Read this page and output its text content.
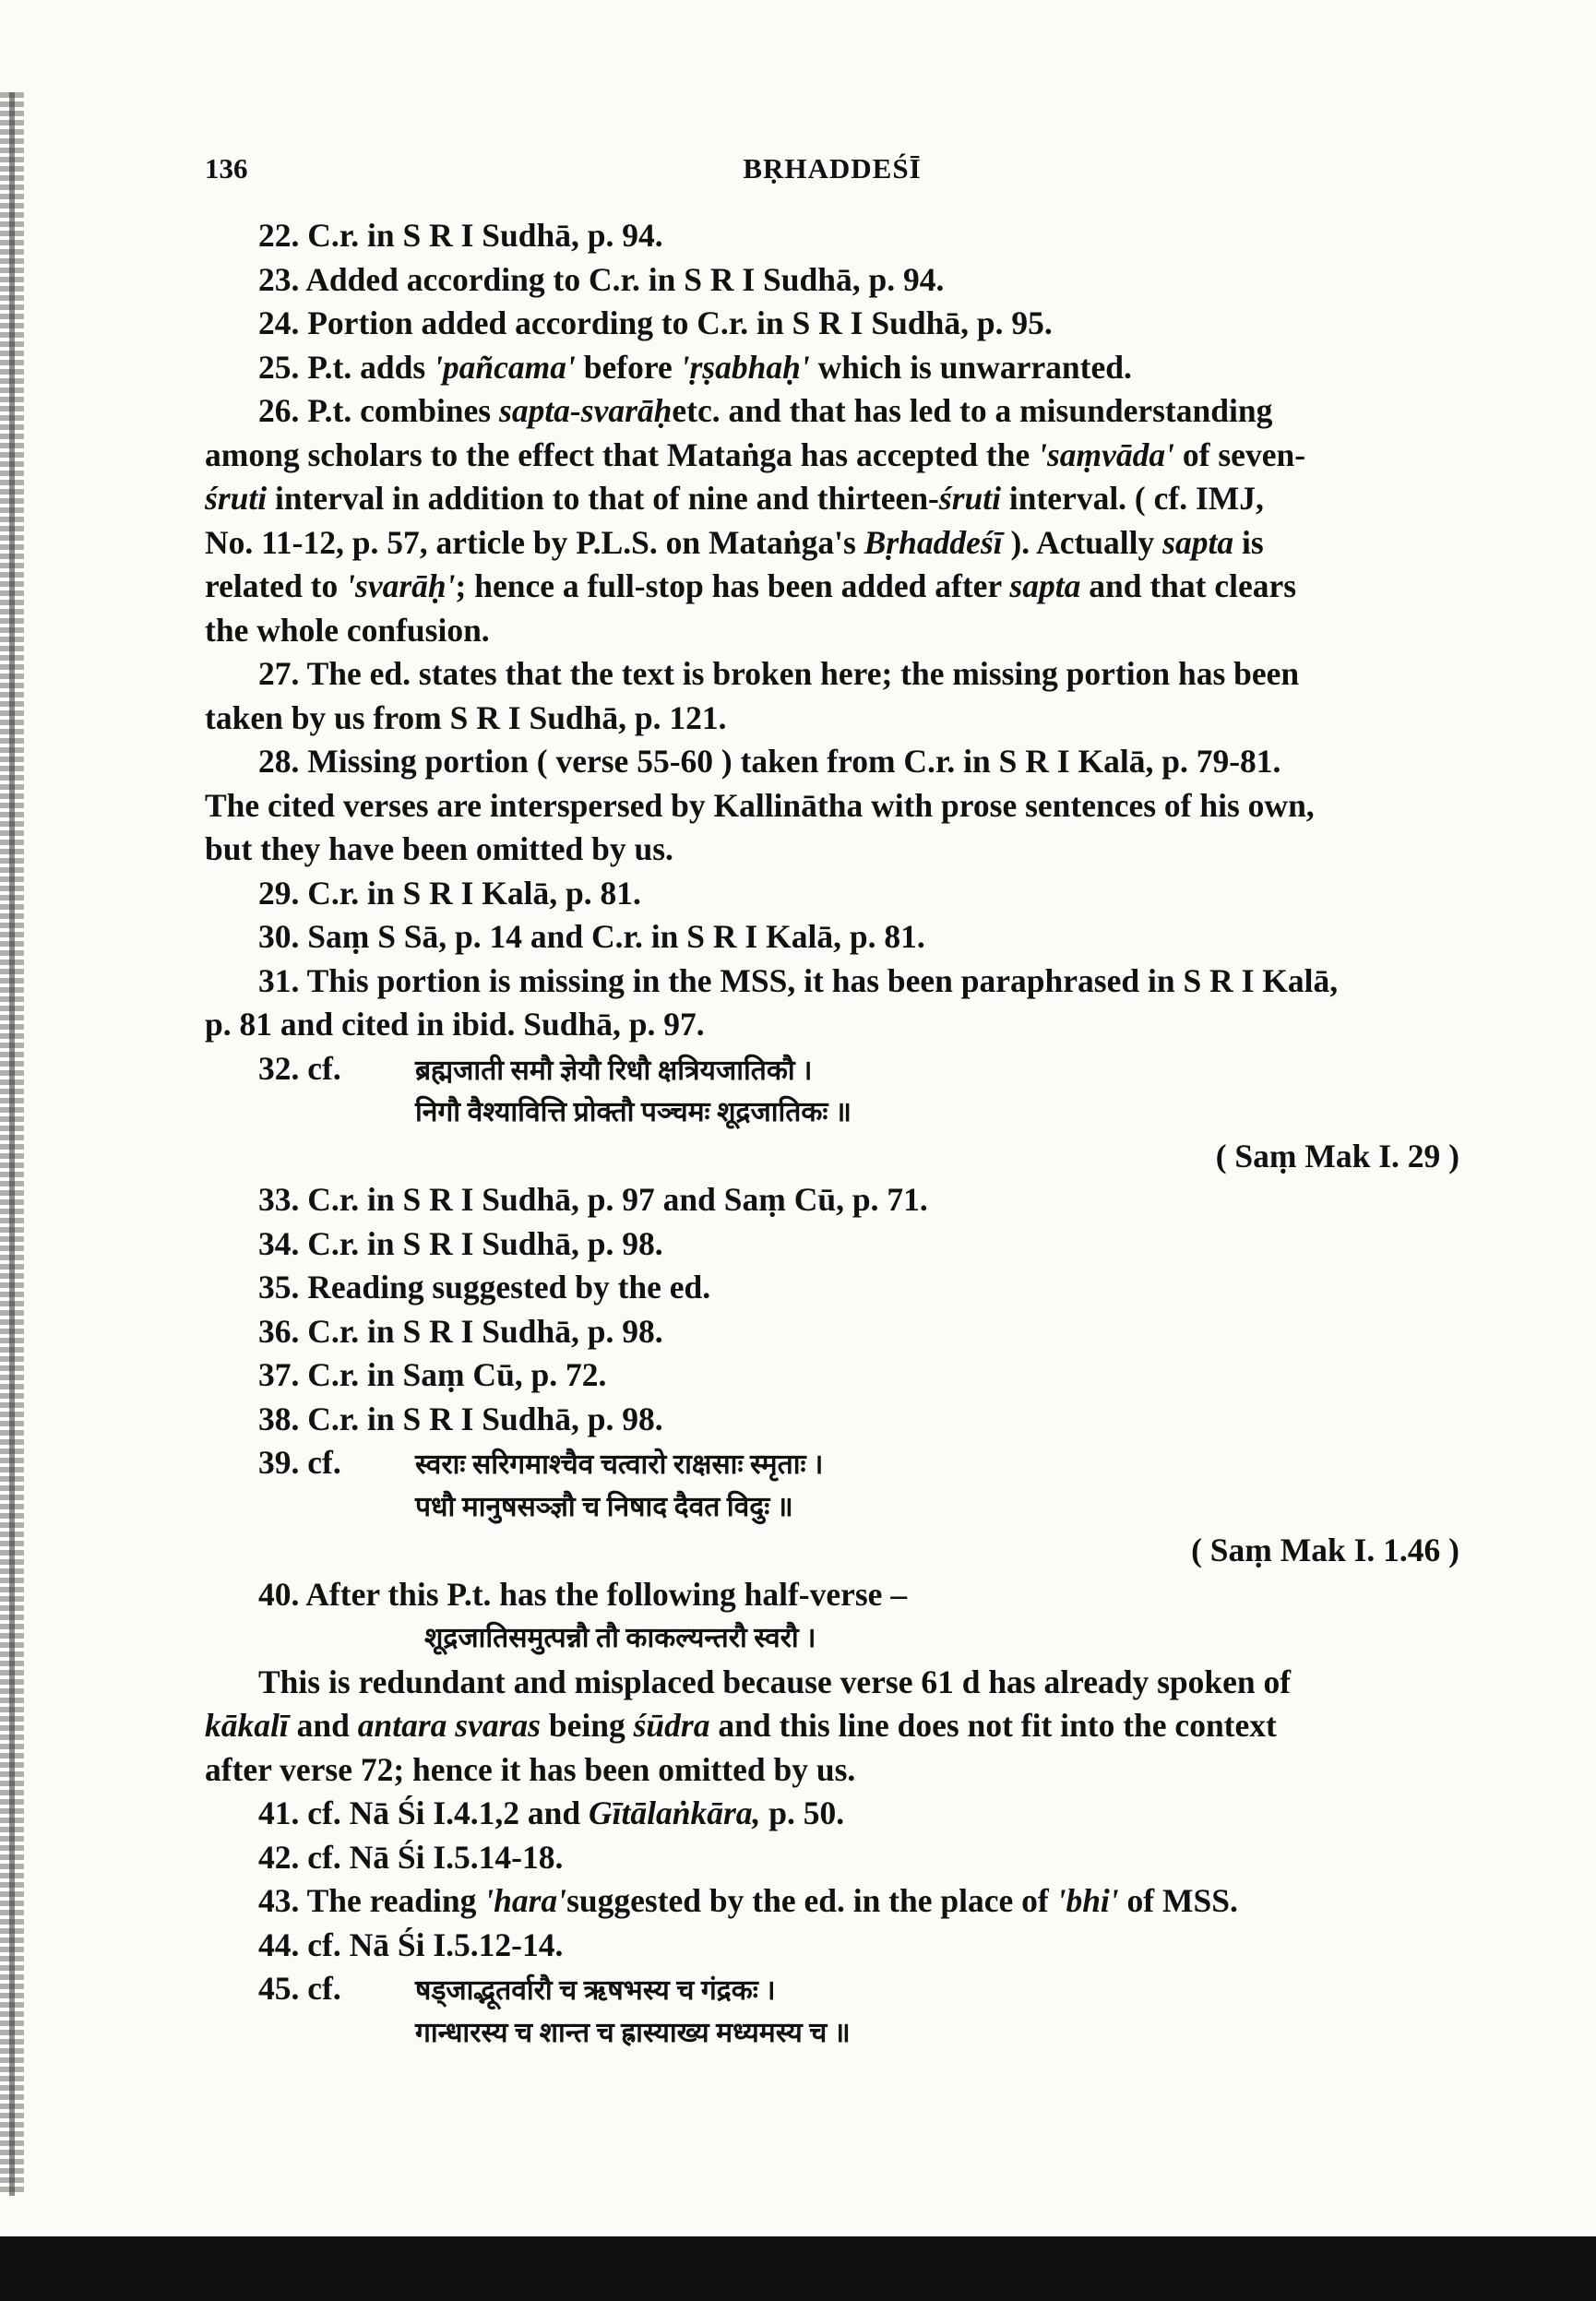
136	BṚHADDEŚĪ
22. C.r. in S R I Sudhā, p. 94.
23. Added according to C.r. in S R I Sudhā, p. 94.
24. Portion added according to C.r. in S R I Sudhā, p. 95.
25. P.t. adds 'pañcama' before 'ṛṣabhaḥ' which is unwarranted.
26. P.t. combines sapta-svarāḥetc. and that has led to a misunderstanding
among scholars to the effect that Mataṅga has accepted the 'saṃvāda' of seven-
śruti interval in addition to that of nine and thirteen-śruti interval. ( cf. IMJ,
No. 11-12, p. 57, article by P.L.S. on Mataṅga's Bṛhaddeśī ). Actually sapta is
related to 'svarāḥ'; hence a full-stop has been added after sapta and that clears
the whole confusion.
27. The ed. states that the text is broken here; the missing portion has been
taken by us from S R I Sudhā, p. 121.
28. Missing portion ( verse 55-60 ) taken from C.r. in S R I Kalā, p. 79-81.
The cited verses are interspersed by Kallinātha with prose sentences of his own,
but they have been omitted by us.
29. C.r. in S R I Kalā, p. 81.
30. Saṃ S Sā, p. 14 and C.r. in S R I Kalā, p. 81.
31. This portion is missing in the MSS, it has been paraphrased in S R I Kalā,
p. 81 and cited in ibid. Sudhā, p. 97.
32. cf.	ब्रह्मजाती समौ ज्ञेयौ रिधौ क्षत्रियजातिकौ ।
निगौ वैश्यावित्ति प्रोक्तौ पञ्चमः शूद्रजातिकः ॥
( Saṃ Mak I. 29 )
33. C.r. in S R I Sudhā, p. 97 and Saṃ Cū, p. 71.
34. C.r. in S R I Sudhā, p. 98.
35. Reading suggested by the ed.
36. C.r. in S R I Sudhā, p. 98.
37. C.r. in Saṃ Cū, p. 72.
38. C.r. in S R I Sudhā, p. 98.
39. cf.	स्वराः सरिगमाश्चैव चत्वारो राक्षसाः स्मृताः ।
पधौ मानुषसञ्ज्ञौ च निषाद दैवत विदुः ॥
( Saṃ Mak I. 1.46 )
40. After this P.t. has the following half-verse –
शूद्रजातिसमुत्पन्नौ तौ काकल्यन्तरौ स्वरौ ।
This is redundant and misplaced because verse 61 d has already spoken of
kākalī and antara svaras being śūdra and this line does not fit into the context
after verse 72; hence it has been omitted by us.
41. cf. Nā Śi I.4.1,2 and Gītālaṅkāra, p. 50.
42. cf. Nā Śi I.5.14-18.
43. The reading 'hara'suggested by the ed. in the place of 'bhi' of MSS.
44. cf. Nā Śi I.5.12-14.
45. cf.	षड्जाद्भूतर्वारौ च ऋषभस्य च गंद्रकः ।
गान्धारस्य च शान्त च ह्रास्याख्य मध्यमस्य च ॥
